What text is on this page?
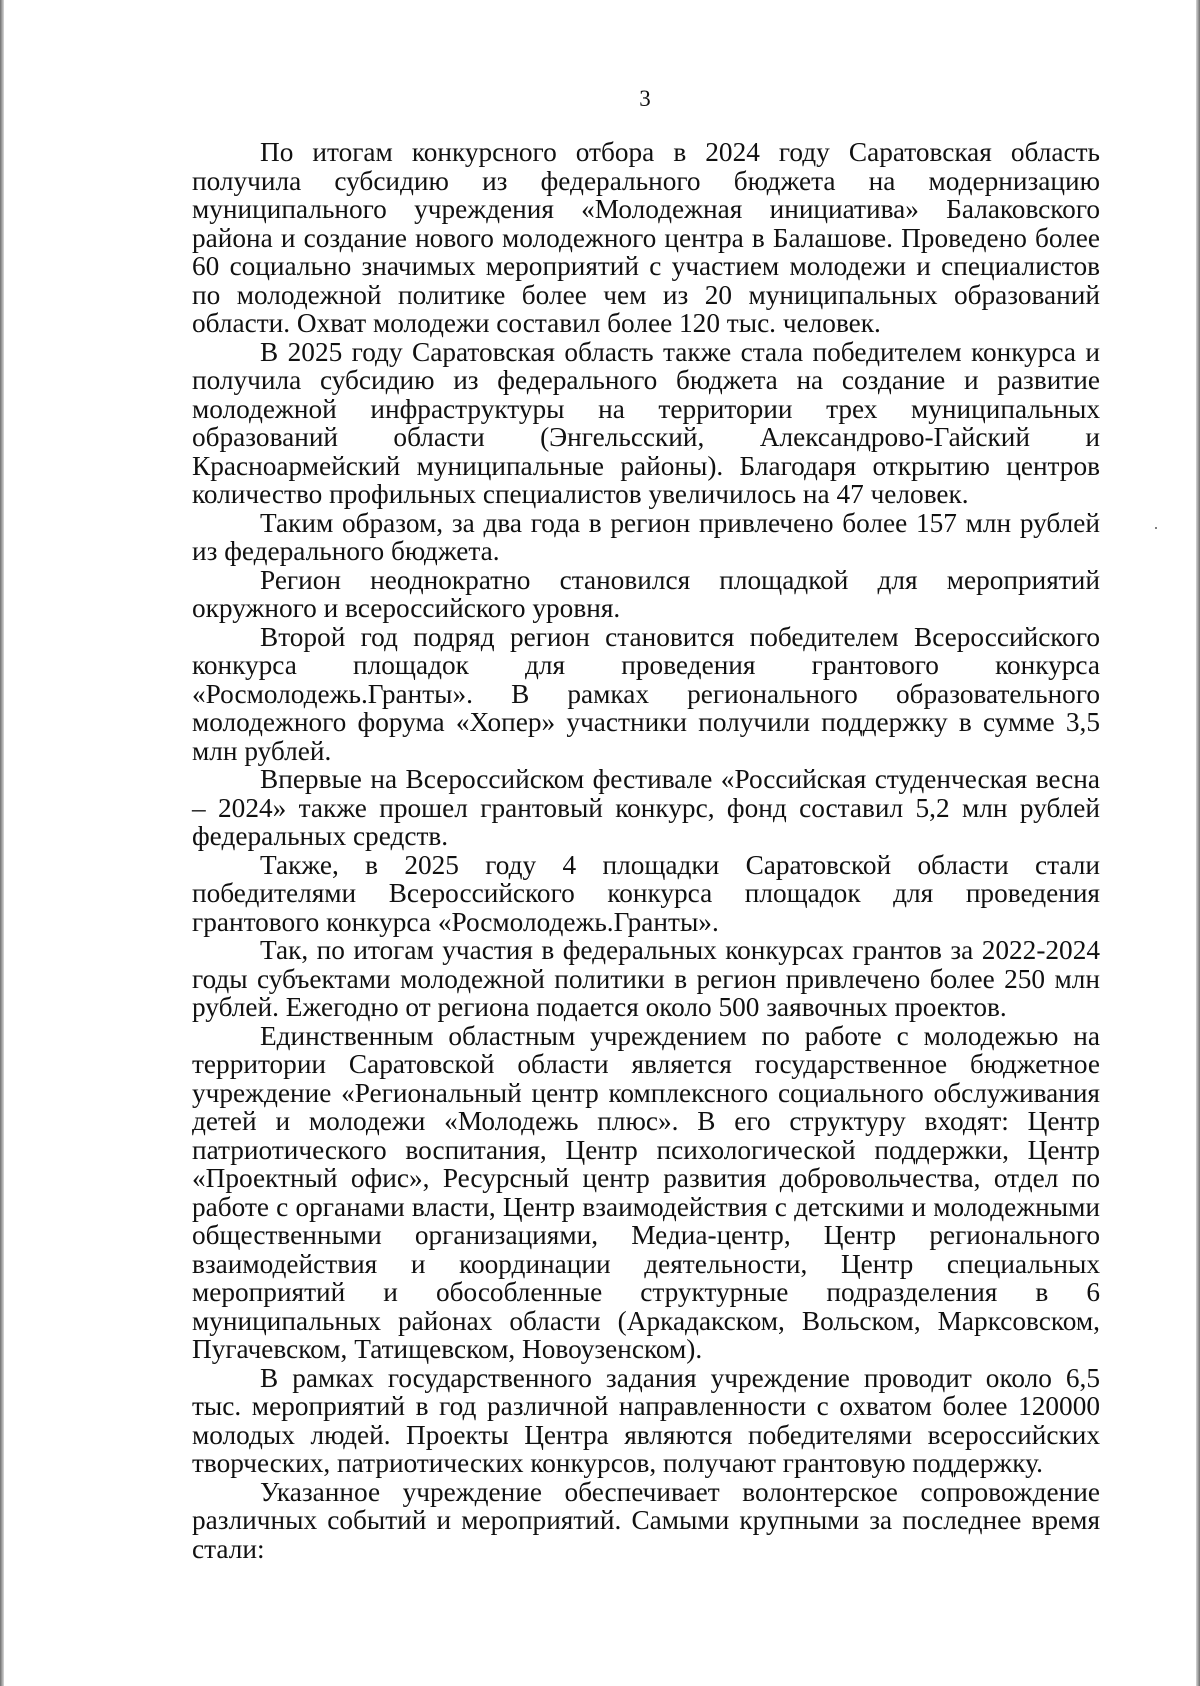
3

По итогам конкурсного отбора в 2024 году Саратовская область получила субсидию из федерального бюджета на модернизацию муниципального учреждения «Молодежная инициатива» Балаковского района и создание нового молодежного центра в Балашове. Проведено более 60 социально значимых мероприятий с участием молодежи и специалистов по молодежной политике более чем из 20 муниципальных образований области. Охват молодежи составил более 120 тыс. человек.

В 2025 году Саратовская область также стала победителем конкурса и получила субсидию из федерального бюджета на создание и развитие молодежной инфраструктуры на территории трех муниципальных образований области (Энгельсский, Александрово-Гайский и Красноармейский муниципальные районы). Благодаря открытию центров количество профильных специалистов увеличилось на 47 человек.

Таким образом, за два года в регион привлечено более 157 млн рублей из федерального бюджета.

Регион неоднократно становился площадкой для мероприятий окружного и всероссийского уровня.

Второй год подряд регион становится победителем Всероссийского конкурса площадок для проведения грантового конкурса «Росмолодежь.Гранты». В рамках регионального образовательного молодежного форума «Хопер» участники получили поддержку в сумме 3,5 млн рублей.

Впервые на Всероссийском фестивале «Российская студенческая весна – 2024» также прошел грантовый конкурс, фонд составил 5,2 млн рублей федеральных средств.

Также, в 2025 году 4 площадки Саратовской области стали победителями Всероссийского конкурса площадок для проведения грантового конкурса «Росмолодежь.Гранты».

Так, по итогам участия в федеральных конкурсах грантов за 2022-2024 годы субъектами молодежной политики в регион привлечено более 250 млн рублей. Ежегодно от региона подается около 500 заявочных проектов.

Единственным областным учреждением по работе с молодежью на территории Саратовской области является государственное бюджетное учреждение «Региональный центр комплексного социального обслуживания детей и молодежи «Молодежь плюс». В его структуру входят: Центр патриотического воспитания, Центр психологической поддержки, Центр «Проектный офис», Ресурсный центр развития добровольчества, отдел по работе с органами власти, Центр взаимодействия с детскими и молодежными общественными организациями, Медиа-центр, Центр регионального взаимодействия и координации деятельности, Центр специальных мероприятий и обособленные структурные подразделения в 6 муниципальных районах области (Аркадакском, Вольском, Марксовском, Пугачевском, Татищевском, Новоузенском).

В рамках государственного задания учреждение проводит около 6,5 тыс. мероприятий в год различной направленности с охватом более 120000 молодых людей. Проекты Центра являются победителями всероссийских творческих, патриотических конкурсов, получают грантовую поддержку.

Указанное учреждение обеспечивает волонтерское сопровождение различных событий и мероприятий. Самыми крупными за последнее время стали:
